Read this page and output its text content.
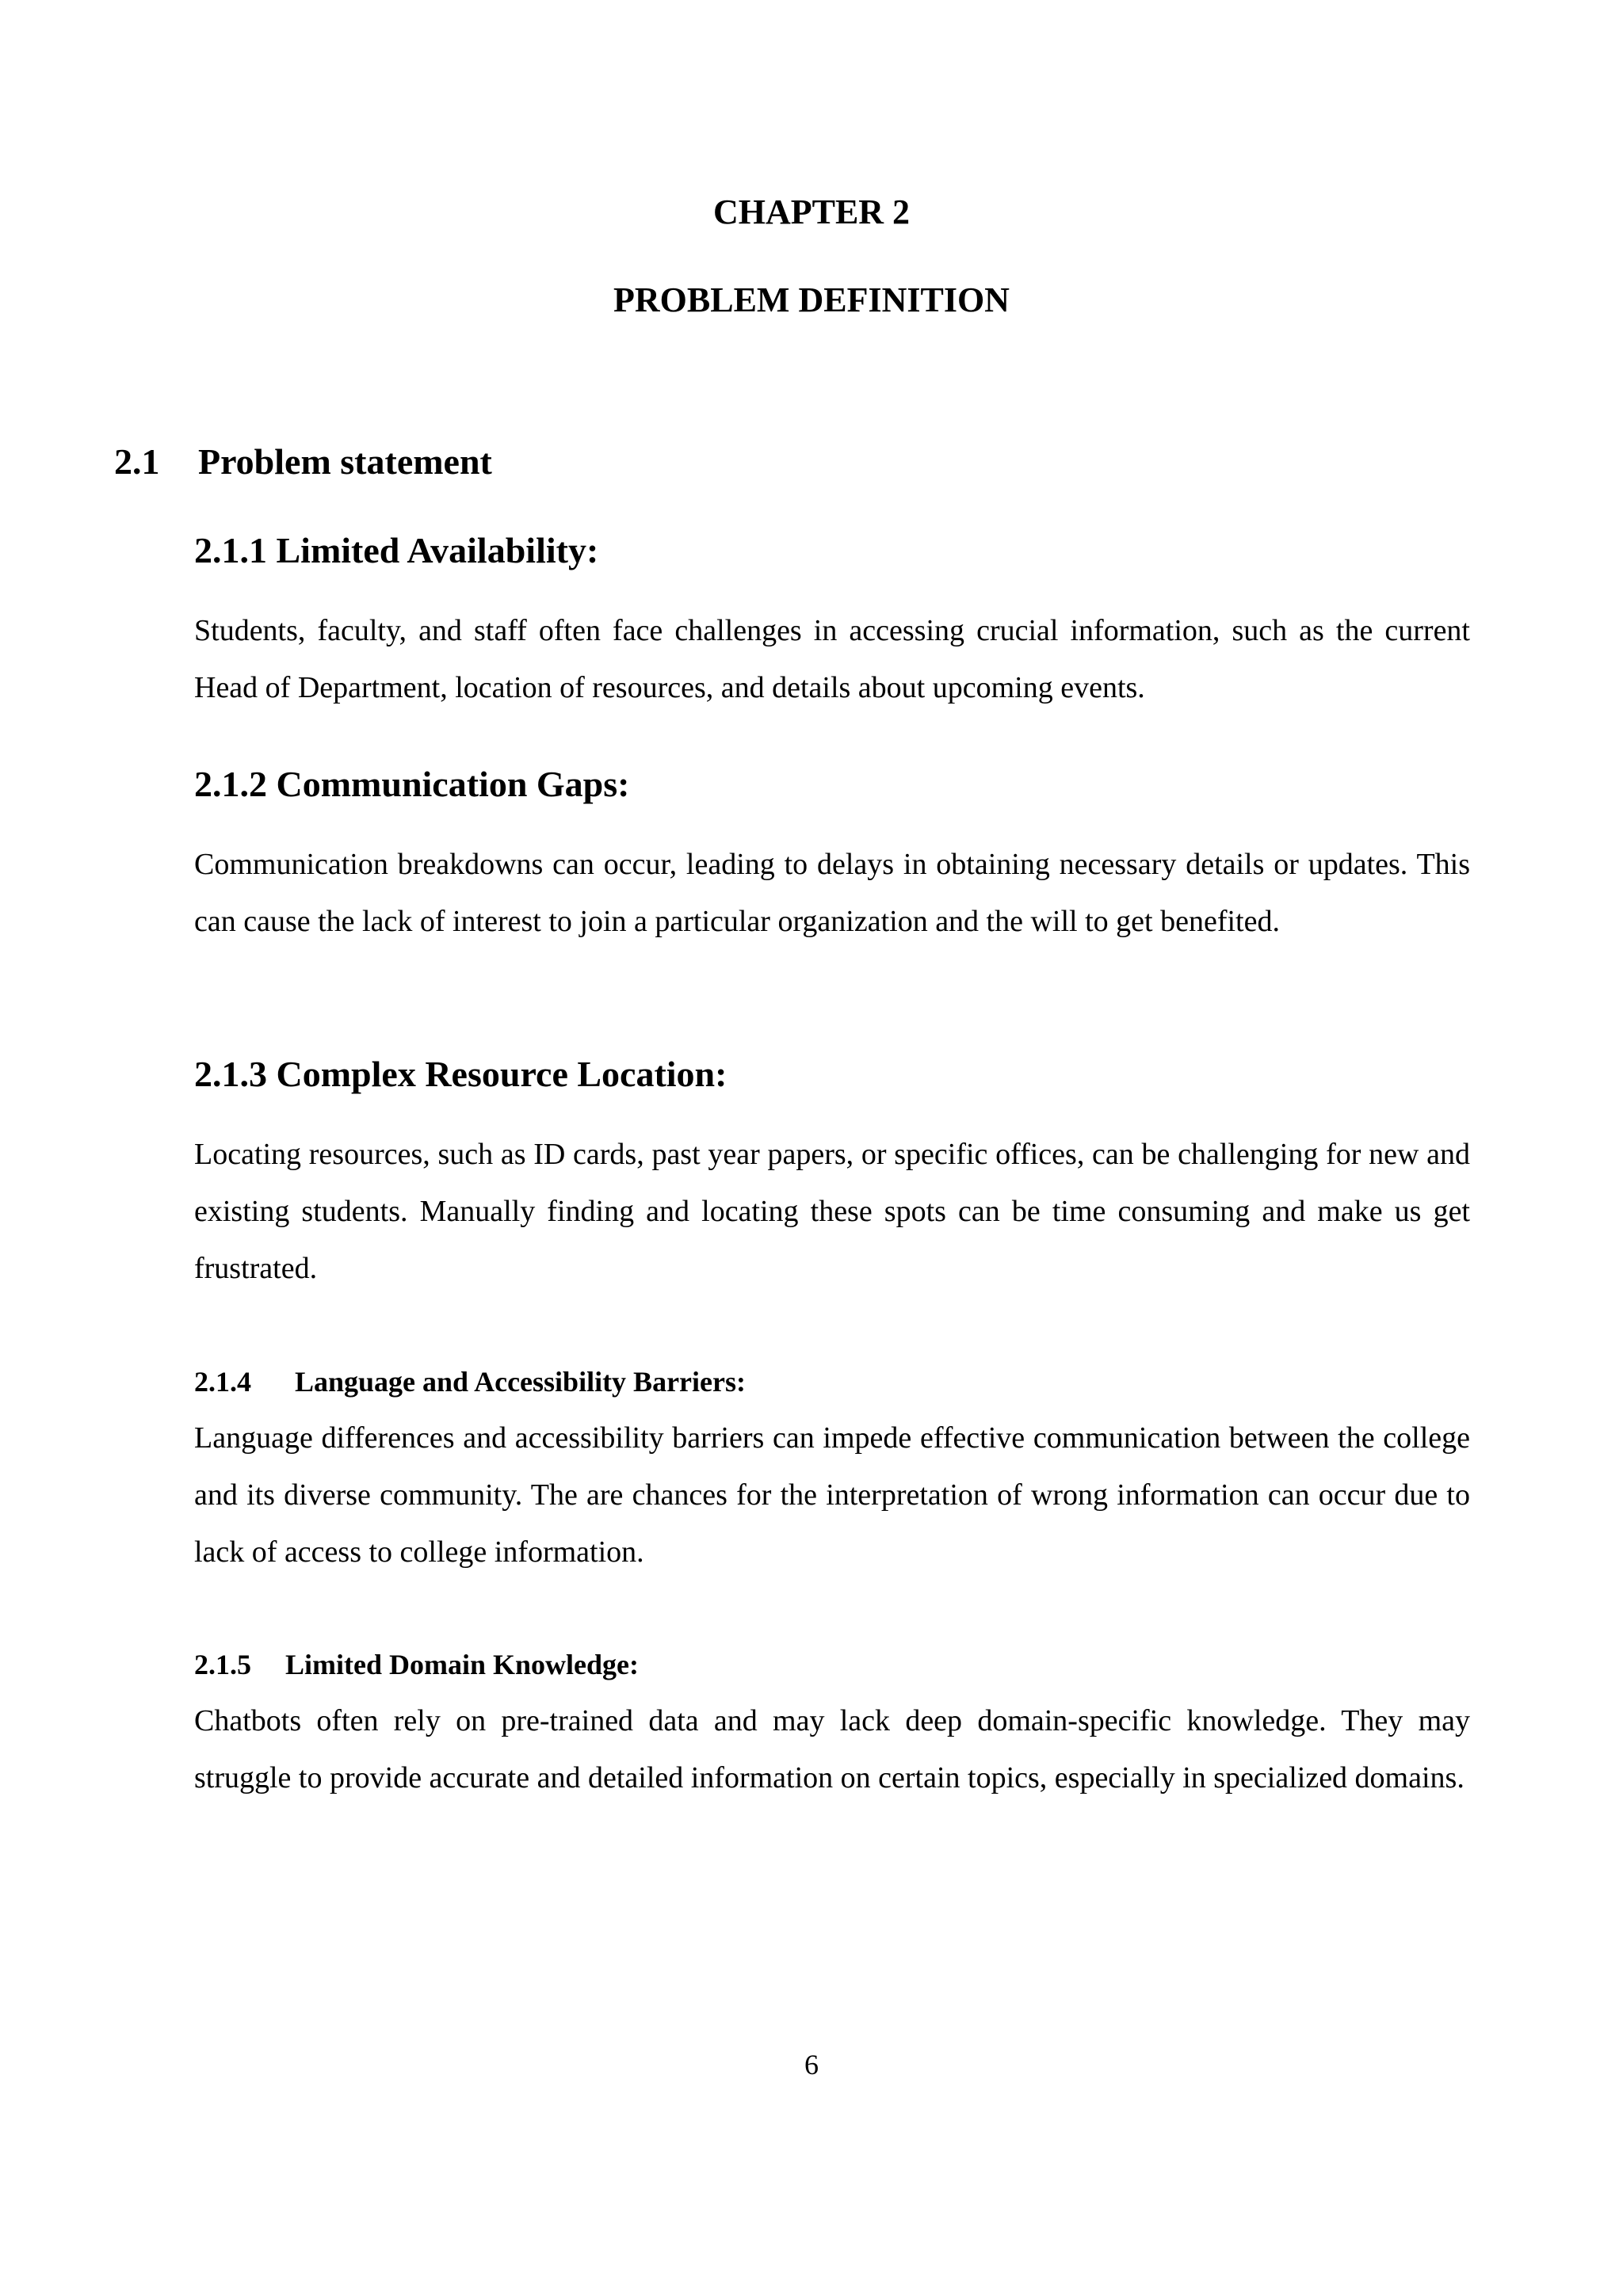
CHAPTER 2
PROBLEM DEFINITION
2.1 Problem statement
2.1.1 Limited Availability:

Students, faculty, and staff often face challenges in accessing crucial information, such as the current Head of Department, location of resources, and details about upcoming events.

2.1.2 Communication Gaps:

Communication breakdowns can occur, leading to delays in obtaining necessary details or updates. This can cause the lack of interest to join a particular organization and the will to get benefited.

2.1.3 Complex Resource Location:

Locating resources, such as ID cards, past year papers, or specific offices, can be challenging for new and existing students. Manually finding and locating these spots can be time consuming and make us get frustrated.

2.1.4 Language and Accessibility Barriers:

Language differences and accessibility barriers can impede effective communication between the college and its diverse community. The are chances for the interpretation of wrong information can occur due to lack of access to college information.

2.1.5 Limited Domain Knowledge:

Chatbots often rely on pre-trained data and may lack deep domain-specific knowledge. They may struggle to provide accurate and detailed information on certain topics, especially in specialized domains.

6
